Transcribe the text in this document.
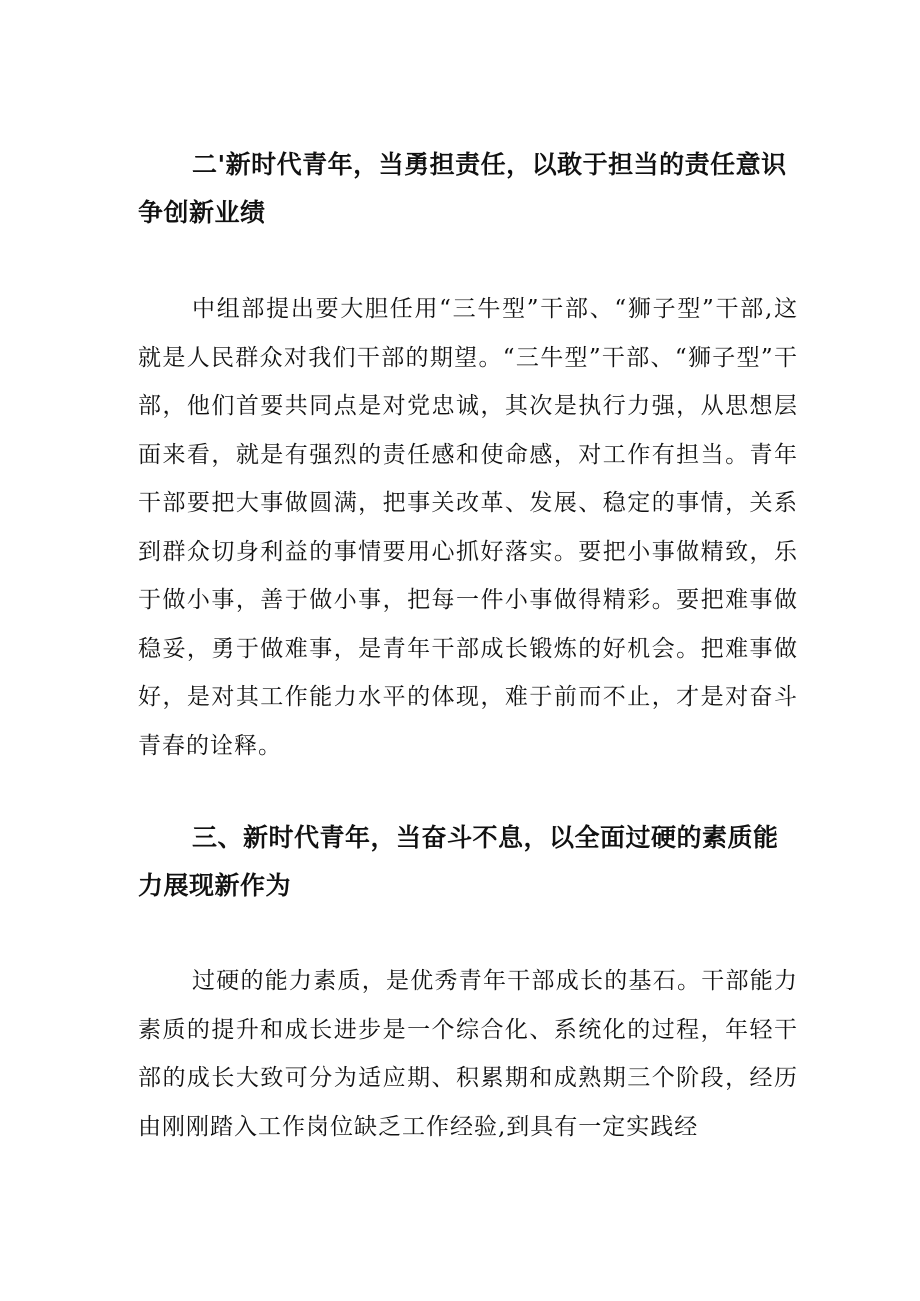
二'新时代青年，当勇担责任，以敢于担当的责任意识争创新业绩

中组部提出要大胆任用“三牛型”干部、“狮子型”干部,这就是人民群众对我们干部的期望。“三牛型”干部、“狮子型”干部，他们首要共同点是对党忠诚，其次是执行力强，从思想层面来看，就是有强烈的责任感和使命感，对工作有担当。青年干部要把大事做圆满，把事关改革、发展、稳定的事情，关系到群众切身利益的事情要用心抓好落实。要把小事做精致，乐于做小事，善于做小事，把每一件小事做得精彩。要把难事做稳妥，勇于做难事，是青年干部成长锻炼的好机会。把难事做好，是对其工作能力水平的体现，难于前而不止，才是对奋斗青春的诠释。

三、新时代青年，当奋斗不息，以全面过硬的素质能力展现新作为

过硬的能力素质，是优秀青年干部成长的基石。干部能力素质的提升和成长进步是一个综合化、系统化的过程，年轻干部的成长大致可分为适应期、积累期和成熟期三个阶段，经历由刚刚踏入工作岗位缺乏工作经验,到具有一定实践经
